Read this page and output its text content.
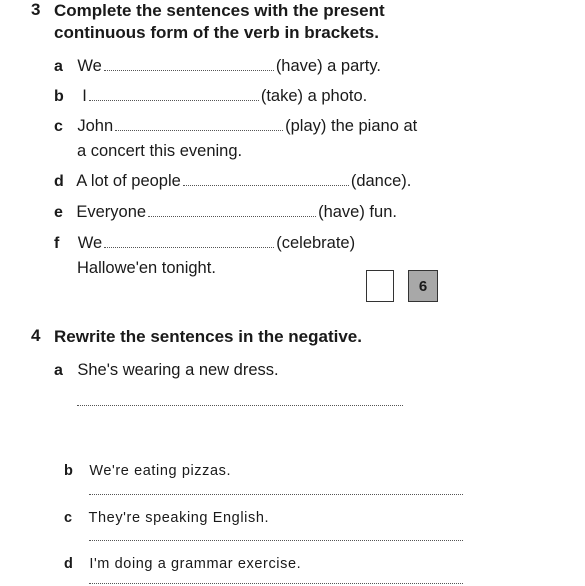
3 Complete the sentences with the present
continuous form of the verb in brackets.
a We	(have) a party.
b I	(take) a photo.
c John	(play) the piano at
a concert this evening.
d A lot of people	(dance).
e Everyone	(have) fun.
f We	(celebrate)
Hallowe'en tonight.
6
4 Rewrite the sentences in the negative.
a She's wearing a new dress.
b We're eating pizzas.
c They're speaking English.
d I'm doing a grammar exercise.
